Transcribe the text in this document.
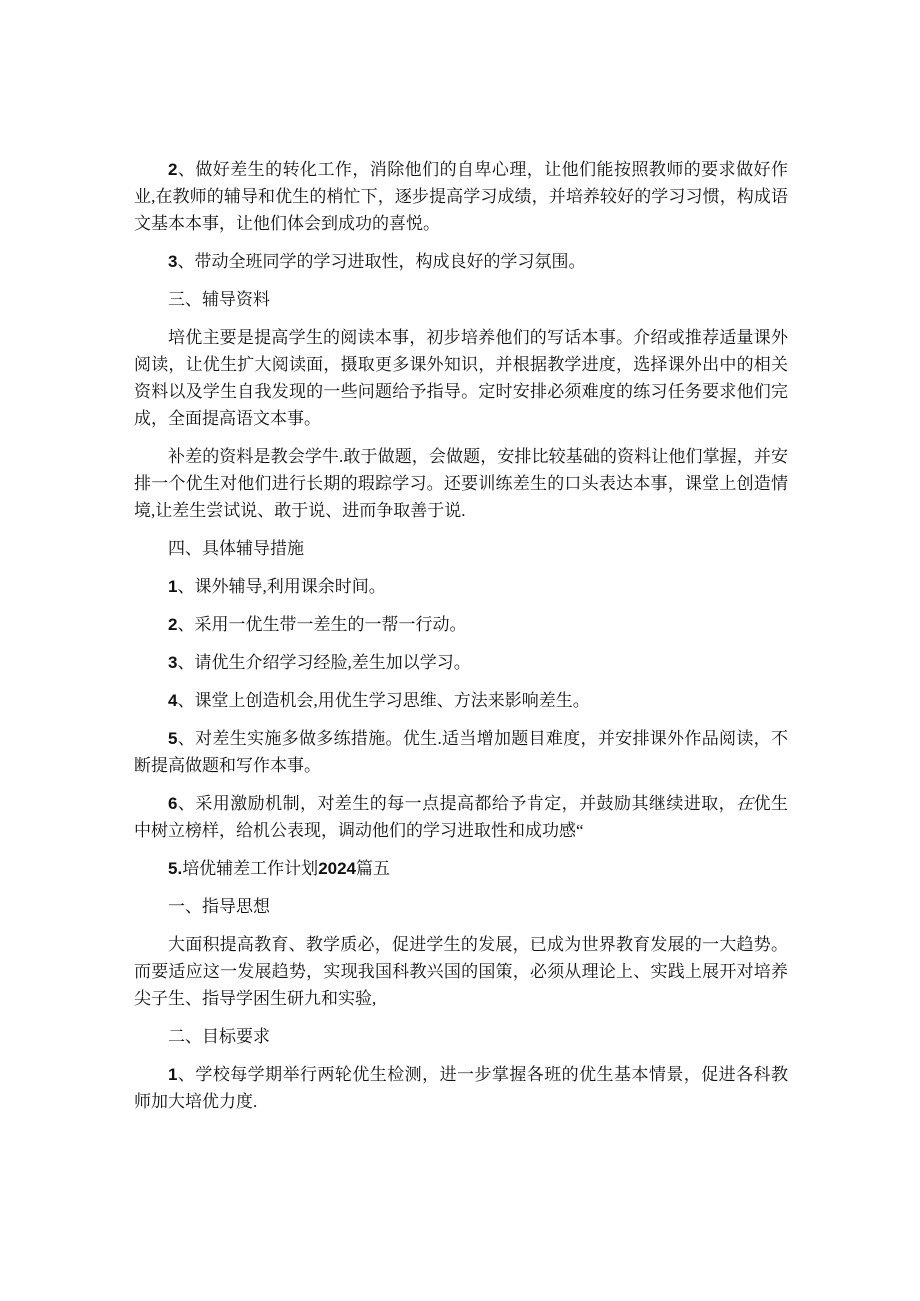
2、做好差生的转化工作，消除他们的自卑心理，让他们能按照教师的要求做好作业,在教师的辅导和优生的梢忙下，逐步提高学习成绩，并培养较好的学习习惯，构成语文基本本事，让他们体会到成功的喜悦。
3、带动全班同学的学习进取性，构成良好的学习氛围。
三、辅导资料
培优主要是提高学生的阅读本事，初步培养他们的写话本事。介绍或推荐适量课外阅读，让优生扩大阅读面，摄取更多课外知识，并根据教学进度，选择课外出中的相关资料以及学生自我发现的一些问题给予指导。定时安排必须难度的练习任务要求他们完成，全面提高语文本事。
补差的资料是教会学牛.敢于做题，会做题，安排比较基础的资料让他们掌握，并安排一个优生对他们进行长期的瑕踪学习。还要训练差生的口头表达本事，课堂上创造情境,让差生尝试说、敢于说、进而争取善于说.
四、具体辅导措施
1、课外辅导,利用课余时间。
2、采用一优生带一差生的一帮一行动。
3、请优生介绍学习经脸,差生加以学习。
4、课堂上创造机会,用优生学习思维、方法来影响差生。
5、对差生实施多做多练措施。优生.适当增加题目难度，并安排课外作品阅读，不断提高做题和写作本事。
6、采用激励机制，对差生的每一点提高都给予肯定，并鼓励其继续进取，在优生中树立榜样，给机公表现，调动他们的学习进取性和成功感“
5.培优辅差工作计划2024篇五
一、指导思想
大面积提高教育、教学质必，促进学生的发展，已成为世界教育发展的一大趋势。而要适应这一发展趋势，实现我国科教兴国的国策，必须从理论上、实践上展开对培养尖子生、指导学困生研九和实验,
二、目标要求
1、学校每学期举行两轮优生检测，进一步掌握各班的优生基本情景，促进各科教师加大培优力度.
